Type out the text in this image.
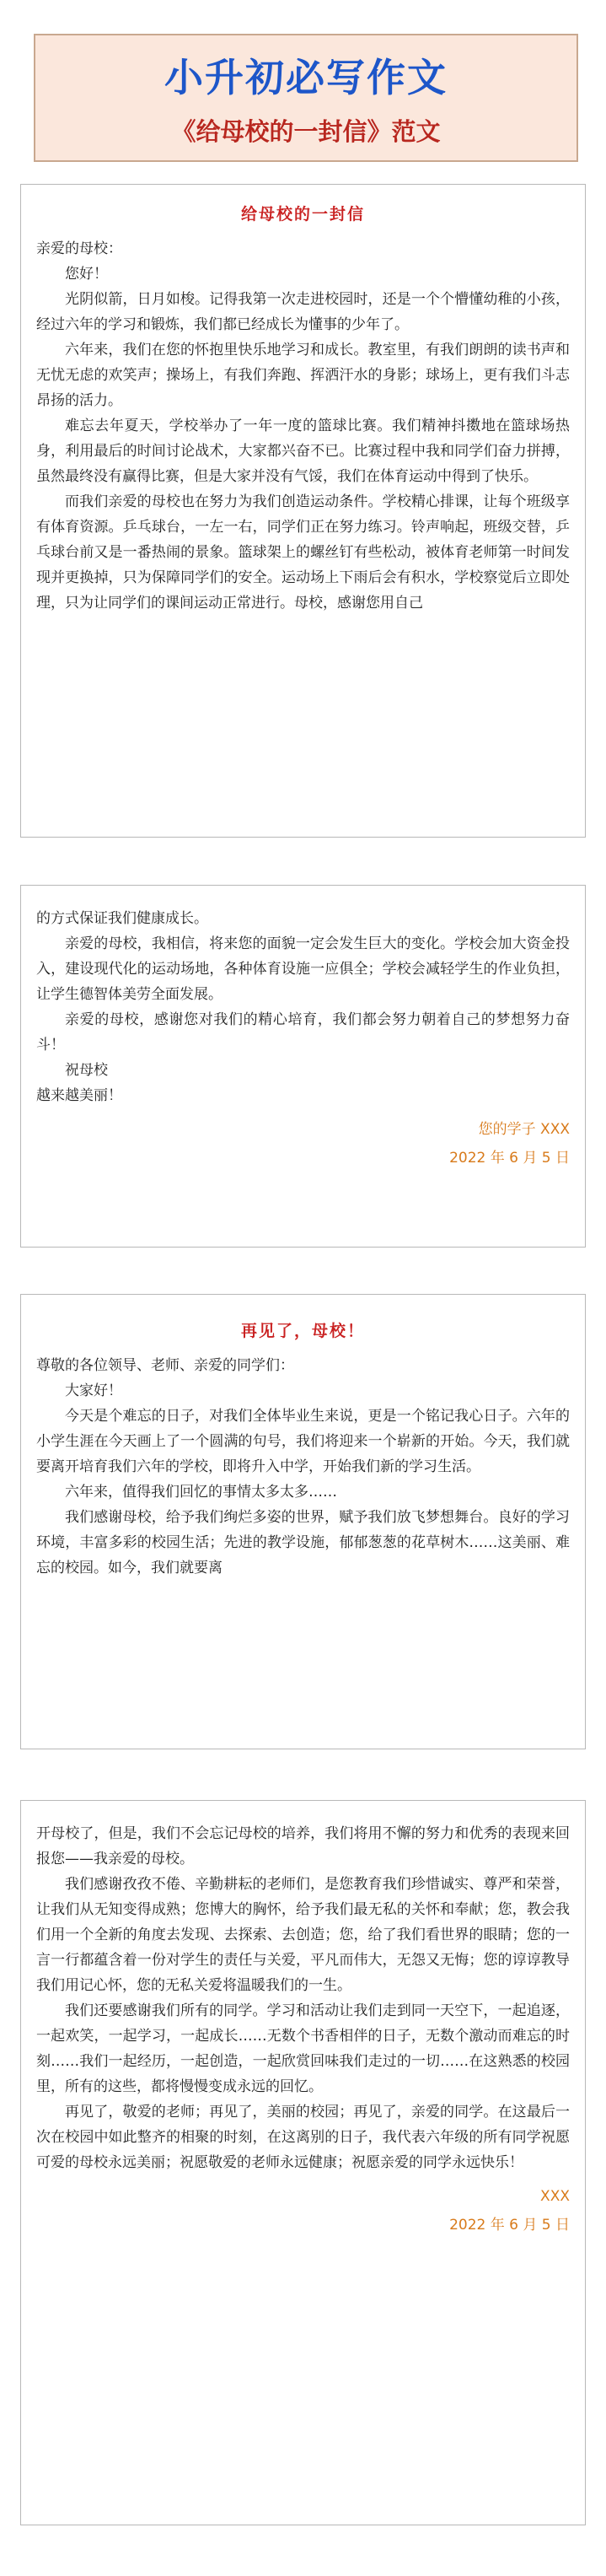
小升初必写作文
《给母校的一封信》范文
给母校的一封信
亲爱的母校：
您好！
光阴似箭，日月如梭。记得我第一次走进校园时，还是一个个懵懂幼稚的小孩，经过六年的学习和锻炼，我们都已经成长为懂事的少年了。
六年来，我们在您的怀抱里快乐地学习和成长。教室里，有我们朗朗的读书声和无忧无虑的欢笑声；操场上，有我们奔跑、挥洒汗水的身影；球场上，更有我们斗志昂扬的活力。
难忘去年夏天，学校举办了一年一度的篮球比赛。我们精神抖擞地在篮球场热身，利用最后的时间讨论战术，大家都兴奋不已。比赛过程中我和同学们奋力拼搏，虽然最终没有赢得比赛，但是大家并没有气馁，我们在体育运动中得到了快乐。
而我们亲爱的母校也在努力为我们创造运动条件。学校精心排课，让每个班级享有体育资源。乒乓球台，一左一右，同学们正在努力练习。铃声响起，班级交替，乒乓球台前又是一番热闹的景象。篮球架上的螺丝钉有些松动，被体育老师第一时间发现并更换掉，只为保障同学们的安全。运动场上下雨后会有积水，学校察觉后立即处理，只为让同学们的课间运动正常进行。母校，感谢您用自己
的方式保证我们健康成长。
亲爱的母校，我相信，将来您的面貌一定会发生巨大的变化。学校会加大资金投入，建设现代化的运动场地，各种体育设施一应俱全；学校会减轻学生的作业负担，让学生德智体美劳全面发展。
亲爱的母校，感谢您对我们的精心培育，我们都会努力朝着自己的梦想努力奋斗！
祝母校
越来越美丽！
您的学子 XXX
2022 年 6 月 5 日
再见了，母校！
尊敬的各位领导、老师、亲爱的同学们：
大家好！
今天是个难忘的日子，对我们全体毕业生来说，更是一个铭记我心日子。六年的小学生涯在今天画上了一个圆满的句号，我们将迎来一个崭新的开始。今天，我们就要离开培育我们六年的学校，即将升入中学，开始我们新的学习生活。
六年来，值得我们回忆的事情太多太多……
我们感谢母校，给予我们绚烂多姿的世界，赋予我们放飞梦想舞台。良好的学习环境，丰富多彩的校园生活；先进的教学设施，郁郁葱葱的花草树木……这美丽、难忘的校园。如今，我们就要离
开母校了，但是，我们不会忘记母校的培养，我们将用不懈的努力和优秀的表现来回报您——我亲爱的母校。
我们感谢孜孜不倦、辛勤耕耘的老师们，是您教育我们珍惜诚实、尊严和荣誉，让我们从无知变得成熟；您博大的胸怀，给予我们最无私的关怀和奉献；您，教会我们用一个全新的角度去发现、去探索、去创造；您，给了我们看世界的眼睛；您的一言一行都蕴含着一份对学生的责任与关爱，平凡而伟大，无怨又无悔；您的谆谆教导我们用记心怀，您的无私关爱将温暖我们的一生。
我们还要感谢我们所有的同学。学习和活动让我们走到同一天空下，一起追逐，一起欢笑，一起学习，一起成长……无数个书香相伴的日子，无数个激动而难忘的时刻……我们一起经历，一起创造，一起欣赏回味我们走过的一切……在这熟悉的校园里，所有的这些，都将慢慢变成永远的回忆。
再见了，敬爱的老师；再见了，美丽的校园；再见了，亲爱的同学。在这最后一次在校园中如此整齐的相聚的时刻，在这离别的日子，我代表六年级的所有同学祝愿可爱的母校永远美丽；祝愿敬爱的老师永远健康；祝愿亲爱的同学永远快乐！
XXX
2022 年 6 月 5 日
